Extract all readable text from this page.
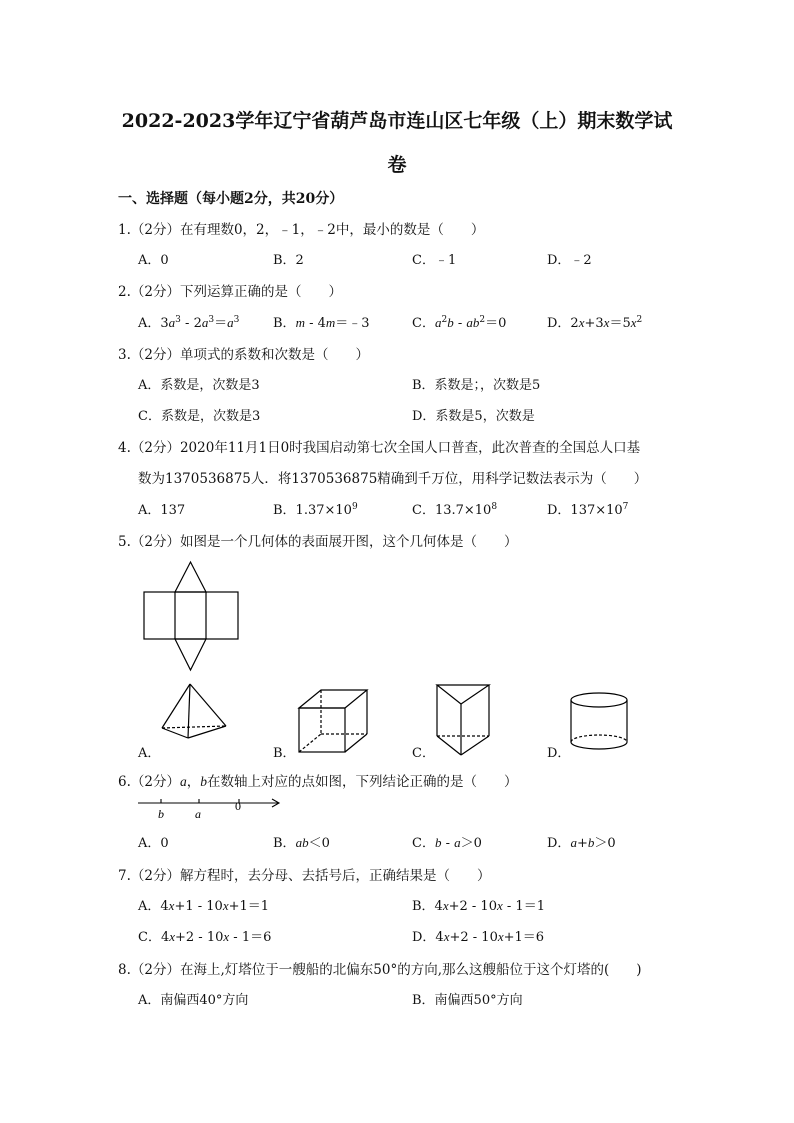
2022-2023学年辽宁省葫芦岛市连山区七年级（上）期末数学试
卷
一、选择题（每小题2分，共20分）
1.（2分）在有理数0，2，﹣1，﹣2中，最小的数是（　　）
A．0	B．2	C．﹣1	D．﹣2
2.（2分）下列运算正确的是（　　）
A．$3a^3 - 2a^3=a^3$	B．m - 4m＝﹣3	C．$a^2b - ab^2=0$	D．$2x+3x=5x^2$
3.（2分）单项式的系数和次数是（　　）
A．系数是，次数是3	B．系数是；，次数是5
C．系数是，次数是3	D．系数是5，次数是
4.（2分）2020年11月1日0时我国启动第七次全国人口普查，此次普查的全国总人口基
数为1370536875人．将1370536875精确到千万位，用科学记数法表示为（　　）
A．137	B．$1.37\times 10^9$	C．$13.7\times 10^8$	D．$137\times 10^7$
5.（2分）如图是一个几何体的表面展开图，这个几何体是（　　）
A．	B．	C．	D．
6.（2分）a，b在数轴上对应的点如图，下列结论正确的是（　　）
b	a
0
A．0	B．ab＜0	C．b - a＞0	D．a+b＞0
7.（2分）解方程时，去分母、去括号后，正确结果是（　　）
A．4x+1 - 10x+1＝1	B．4x+2 - 10x - 1＝1
C．4x+2 - 10x - 1＝6	D．4x+2 - 10x+1＝6
8.（2分）在海上,灯塔位于一艘船的北偏东50°的方向,那么这艘船位于这个灯塔的(　　)
A．南偏西40°方向	B．南偏西50°方向
